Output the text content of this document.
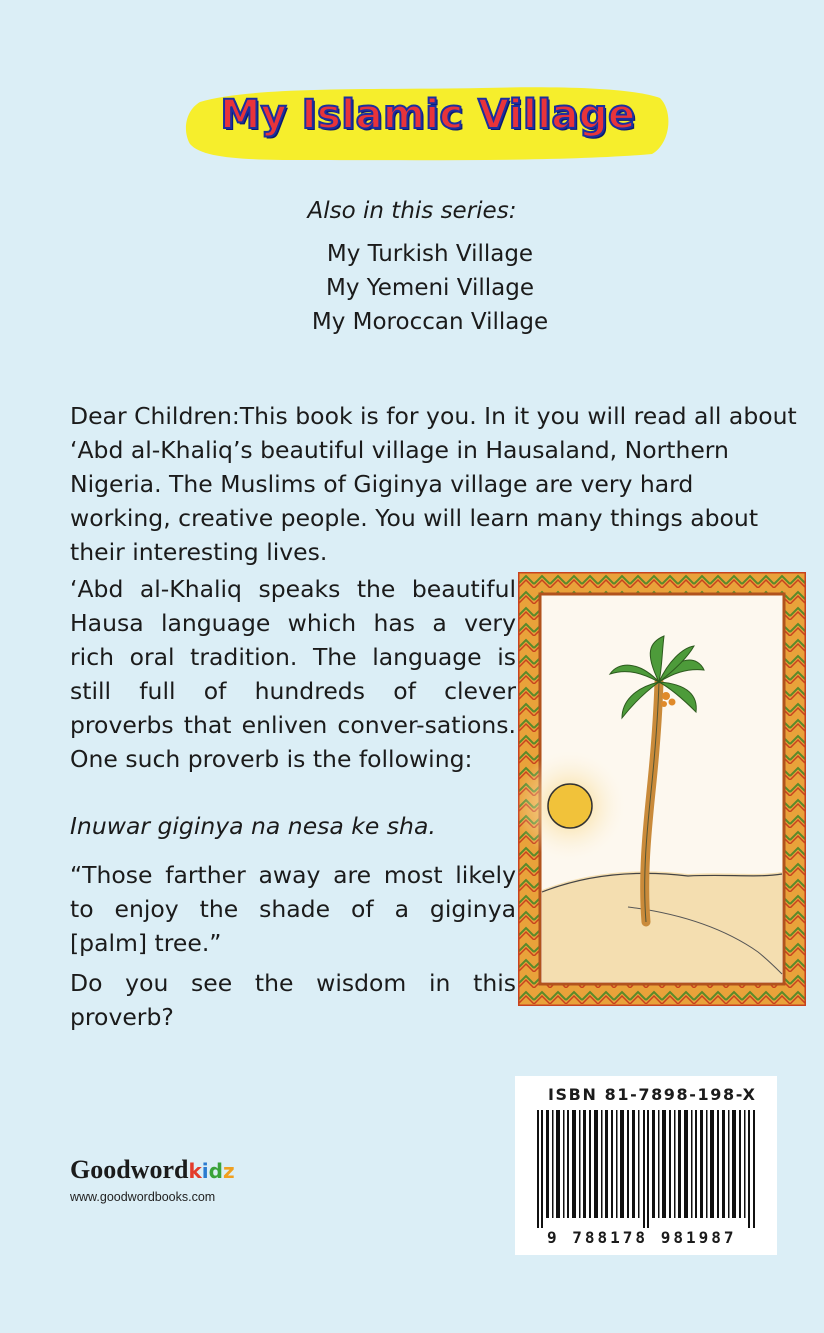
My Islamic Village
Also in this series:
My Turkish Village
My Yemeni Village
My Moroccan Village

Dear Children:This book is for you. In it you will read all about ‘Abd al-Khaliq’s beautiful village in Hausaland, Northern Nigeria. The Muslims of Giginya village are very hard working, creative people. You will learn many things about their interesting lives.

‘Abd al-Khaliq speaks the beautiful Hausa language which has a very rich oral tradition. The language is still full of hundreds of clever proverbs that enliven conver-sations. One such proverb is the following:

Inuwar giginya na nesa ke sha.

“Those farther away are most likely to enjoy the shade of a giginya [palm] tree.”

Do you see the wisdom in this proverb?

ISBN 81-7898-198-X
9 788178 981987
Goodwordkidz
www.goodwordbooks.com
